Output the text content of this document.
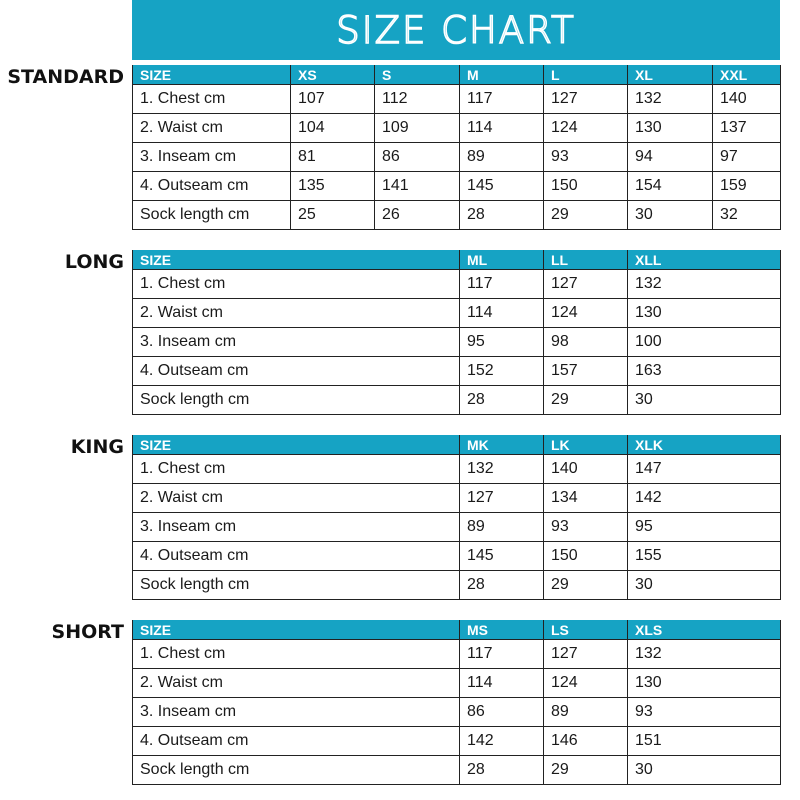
SIZE CHART
STANDARD SIZE	XS	S	M	L	XL	XXL
1. Chest cm	107	112	117	127	132	140
2. Waist cm	104	109	114	124	130	137
3. Inseam cm	81	86	89	93	94	97
4. Outseam cm	135	141	145	150	154	159
Sock length cm	25	26	28	29	30	32
LONG SIZE	ML	LL	XLL
1. Chest cm	117	127	132
2. Waist cm	114	124	130
3. Inseam cm	95	98	100
4. Outseam cm	152	157	163
Sock length cm	28	29	30
KING SIZE	MK	LK	XLK
1. Chest cm	132	140	147
2. Waist cm	127	134	142
3. Inseam cm	89	93	95
4. Outseam cm	145	150	155
Sock length cm	28	29	30
SHORT SIZE	MS	LS	XLS
1. Chest cm	117	127	132
2. Waist cm	114	124	130
3. Inseam cm	86	89	93
4. Outseam cm	142	146	151
Sock length cm	28	29	30
